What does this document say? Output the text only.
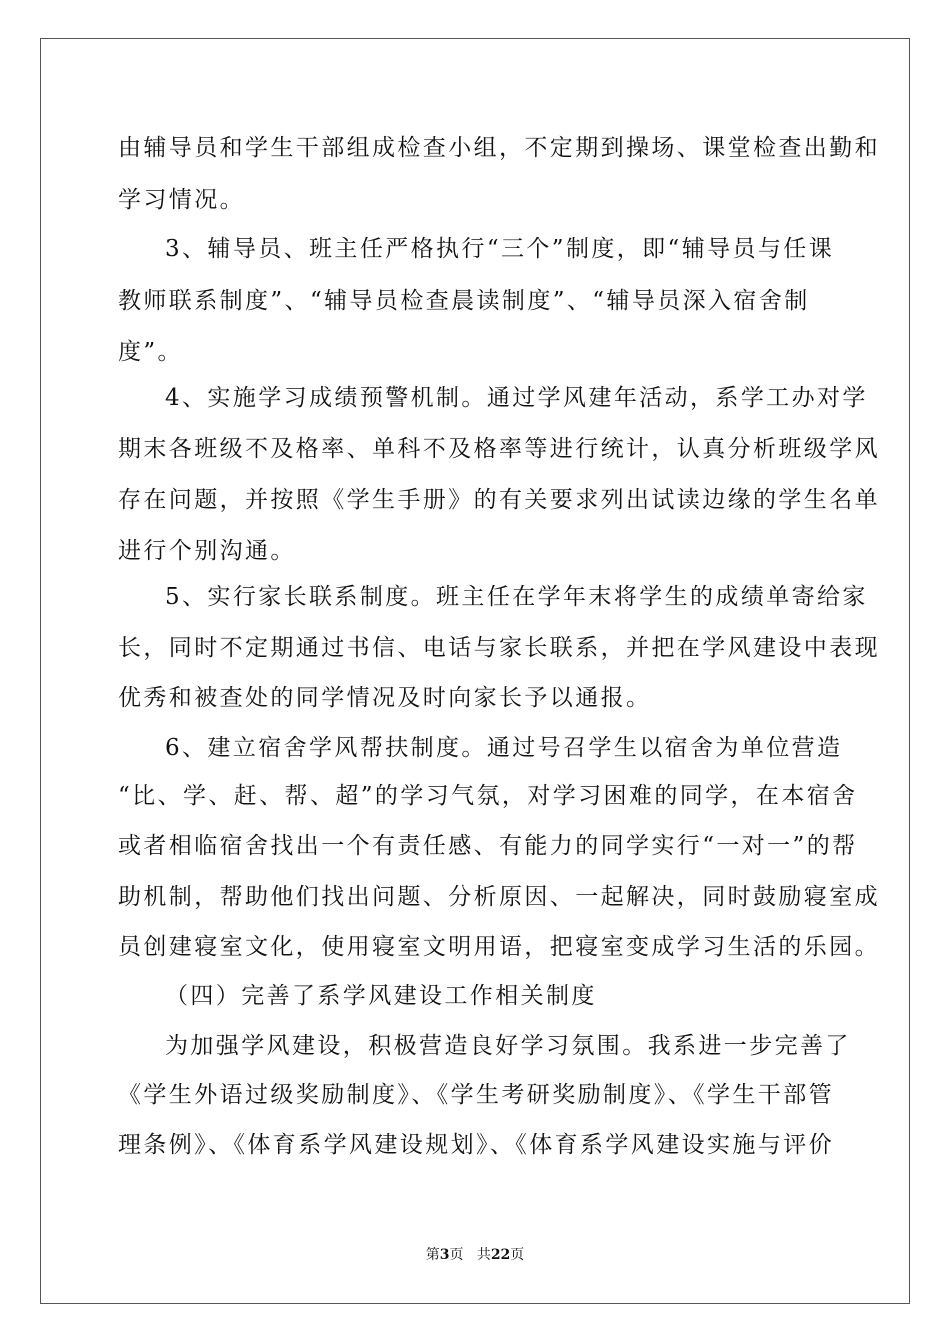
由辅导员和学生干部组成检查小组，不定期到操场、课堂检查出勤和
学习情况。
3、辅导员、班主任严格执行“三个”制度，即“辅导员与任课
教师联系制度”、“辅导员检查晨读制度”、“辅导员深入宿舍制
度”。
4、实施学习成绩预警机制。通过学风建年活动，系学工办对学
期末各班级不及格率、单科不及格率等进行统计，认真分析班级学风
存在问题，并按照《学生手册》的有关要求列出试读边缘的学生名单
进行个别沟通。
5、实行家长联系制度。班主任在学年末将学生的成绩单寄给家
长，同时不定期通过书信、电话与家长联系，并把在学风建设中表现
优秀和被查处的同学情况及时向家长予以通报。
6、建立宿舍学风帮扶制度。通过号召学生以宿舍为单位营造
“比、学、赶、帮、超”的学习气氛，对学习困难的同学，在本宿舍
或者相临宿舍找出一个有责任感、有能力的同学实行“一对一”的帮
助机制，帮助他们找出问题、分析原因、一起解决，同时鼓励寝室成
员创建寝室文化，使用寝室文明用语，把寝室变成学习生活的乐园。
（四）完善了系学风建设工作相关制度
为加强学风建设，积极营造良好学习氛围。我系进一步完善了
《学生外语过级奖励制度》、《学生考研奖励制度》、《学生干部管
理条例》、《体育系学风建设规划》、《体育系学风建设实施与评价
第3页 共22页
